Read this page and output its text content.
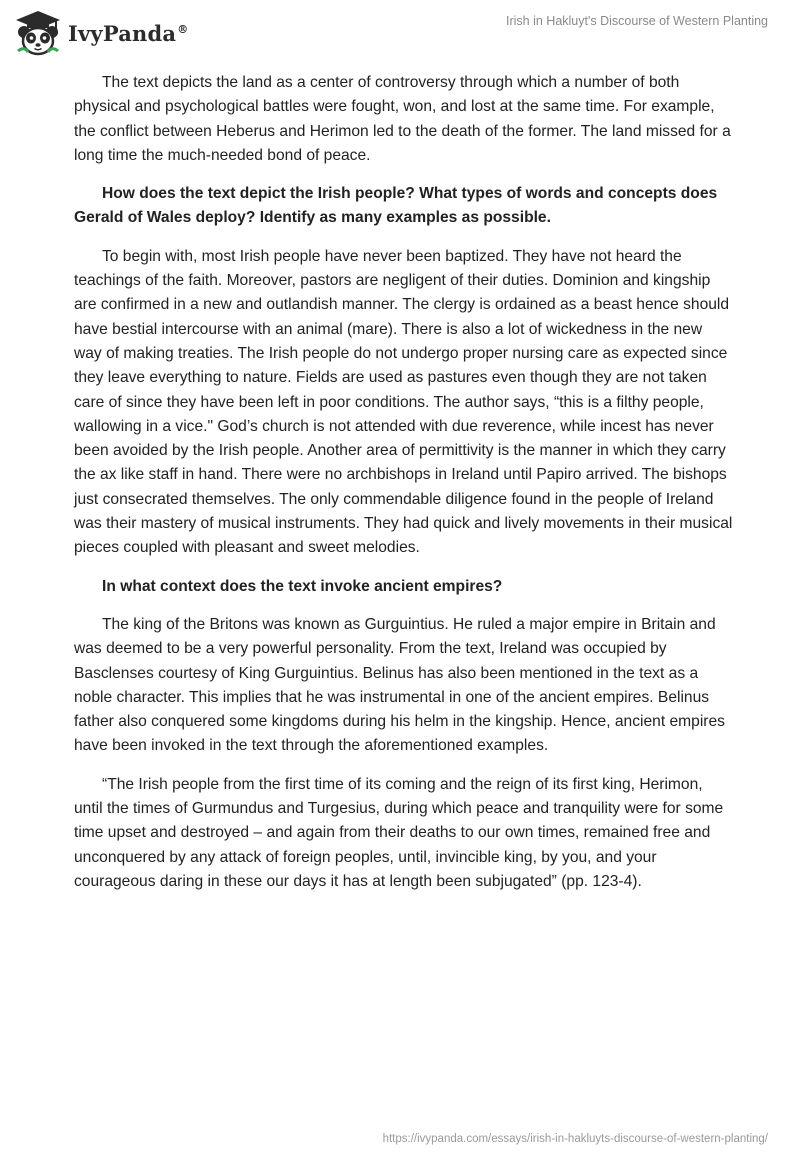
IvyPanda®
Irish in Hakluyt's Discourse of Western Planting

The text depicts the land as a center of controversy through which a number of both physical and psychological battles were fought, won, and lost at the same time. For example, the conflict between Heberus and Herimon led to the death of the former. The land missed for a long time the much-needed bond of peace.

How does the text depict the Irish people? What types of words and concepts does Gerald of Wales deploy? Identify as many examples as possible.

To begin with, most Irish people have never been baptized. They have not heard the teachings of the faith. Moreover, pastors are negligent of their duties. Dominion and kingship are confirmed in a new and outlandish manner. The clergy is ordained as a beast hence should have bestial intercourse with an animal (mare). There is also a lot of wickedness in the new way of making treaties. The Irish people do not undergo proper nursing care as expected since they leave everything to nature. Fields are used as pastures even though they are not taken care of since they have been left in poor conditions. The author says, “this is a filthy people, wallowing in a vice." God’s church is not attended with due reverence, while incest has never been avoided by the Irish people. Another area of permittivity is the manner in which they carry the ax like staff in hand. There were no archbishops in Ireland until Papiro arrived. The bishops just consecrated themselves. The only commendable diligence found in the people of Ireland was their mastery of musical instruments. They had quick and lively movements in their musical pieces coupled with pleasant and sweet melodies.

In what context does the text invoke ancient empires?

The king of the Britons was known as Gurguintius. He ruled a major empire in Britain and was deemed to be a very powerful personality. From the text, Ireland was occupied by Basclenses courtesy of King Gurguintius. Belinus has also been mentioned in the text as a noble character. This implies that he was instrumental in one of the ancient empires. Belinus father also conquered some kingdoms during his helm in the kingship. Hence, ancient empires have been invoked in the text through the aforementioned examples.

“The Irish people from the first time of its coming and the reign of its first king, Herimon, until the times of Gurmundus and Turgesius, during which peace and tranquility were for some time upset and destroyed – and again from their deaths to our own times, remained free and unconquered by any attack of foreign peoples, until, invincible king, by you, and your courageous daring in these our days it has at length been subjugated” (pp. 123-4).

https://ivypanda.com/essays/irish-in-hakluyts-discourse-of-western-planting/
